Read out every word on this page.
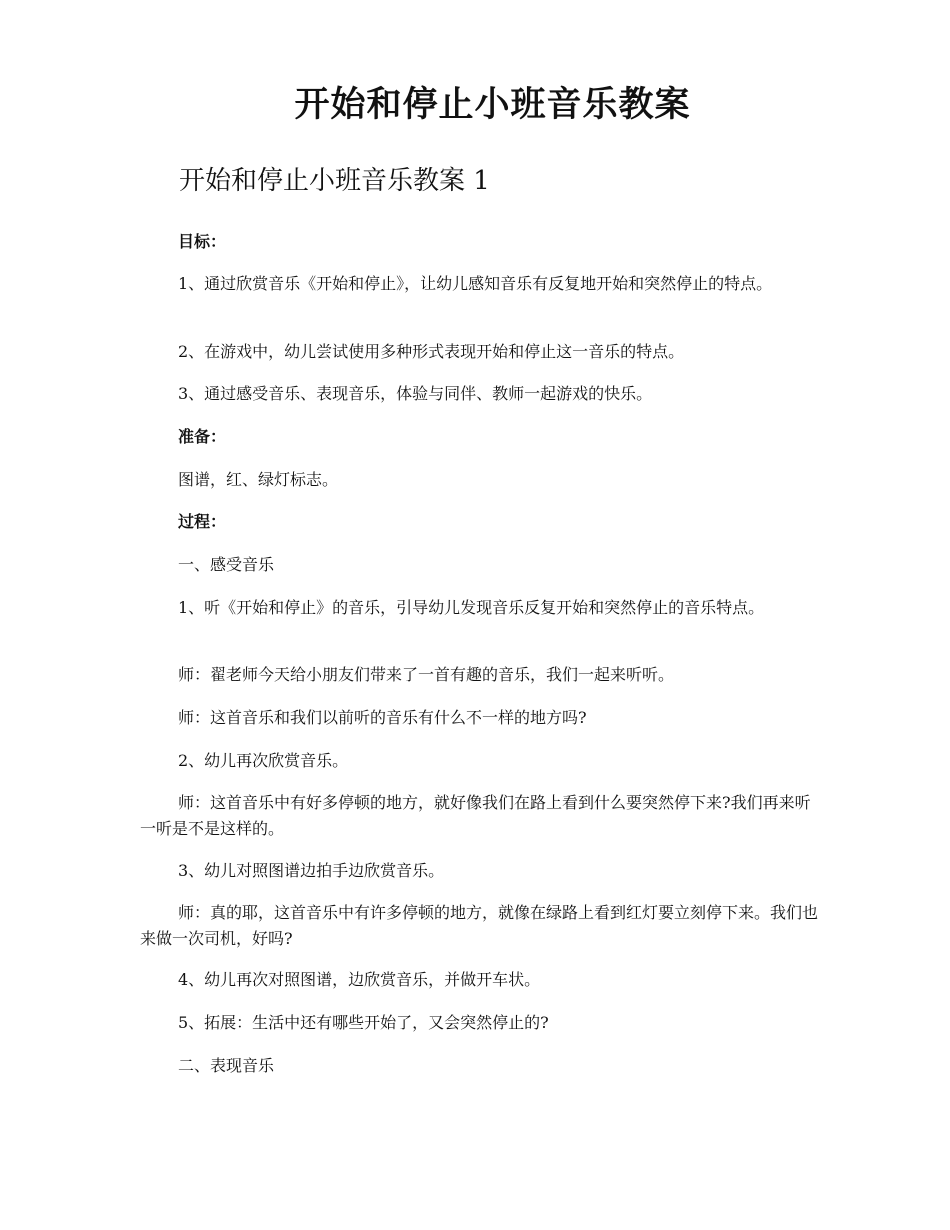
开始和停止小班音乐教案
开始和停止小班音乐教案 1

目标：

1、通过欣赏音乐《开始和停止》，让幼儿感知音乐有反复地开始和突然停止的特点。

2、在游戏中，幼儿尝试使用多种形式表现开始和停止这一音乐的特点。

3、通过感受音乐、表现音乐，体验与同伴、教师一起游戏的快乐。

准备：

图谱，红、绿灯标志。

过程：

一、感受音乐

1、听《开始和停止》的音乐，引导幼儿发现音乐反复开始和突然停止的音乐特点。

师：翟老师今天给小朋友们带来了一首有趣的音乐，我们一起来听听。

师：这首音乐和我们以前听的音乐有什么不一样的地方吗?

2、幼儿再次欣赏音乐。

师：这首音乐中有好多停顿的地方，就好像我们在路上看到什么要突然停下来?我们再来听一听是不是这样的。

3、幼儿对照图谱边拍手边欣赏音乐。

师：真的耶，这首音乐中有许多停顿的地方，就像在绿路上看到红灯要立刻停下来。我们也来做一次司机，好吗?

4、幼儿再次对照图谱，边欣赏音乐，并做开车状。

5、拓展：生活中还有哪些开始了，又会突然停止的?

二、表现音乐
